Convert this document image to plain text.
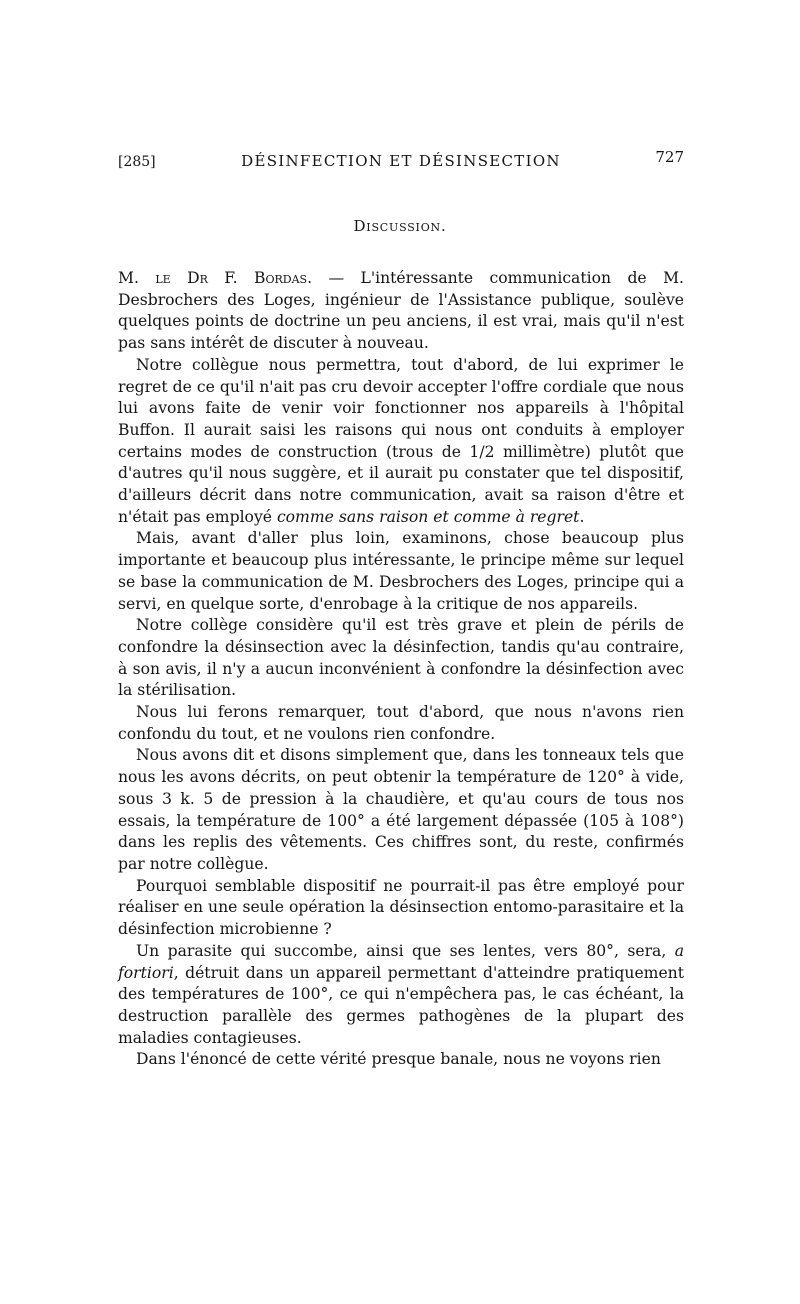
[285]	DÉSINFECTION ET DÉSINSECTION	727
Discussion.

M. le Dr F. Bordas. — L'intéressante communication de M. Desbrochers des Loges, ingénieur de l'Assistance publique, soulève quelques points de doctrine un peu anciens, il est vrai, mais qu'il n'est pas sans intérêt de discuter à nouveau.

Notre collègue nous permettra, tout d'abord, de lui exprimer le regret de ce qu'il n'ait pas cru devoir accepter l'offre cordiale que nous lui avons faite de venir voir fonctionner nos appareils à l'hôpital Buffon. Il aurait saisi les raisons qui nous ont conduits à employer certains modes de construction (trous de 1/2 millimètre) plutôt que d'autres qu'il nous suggère, et il aurait pu constater que tel dispositif, d'ailleurs décrit dans notre communication, avait sa raison d'être et n'était pas employé comme sans raison et comme à regret.

Mais, avant d'aller plus loin, examinons, chose beaucoup plus importante et beaucoup plus intéressante, le principe même sur lequel se base la communication de M. Desbrochers des Loges, principe qui a servi, en quelque sorte, d'enrobage à la critique de nos appareils.

Notre collège considère qu'il est très grave et plein de périls de confondre la désinsection avec la désinfection, tandis qu'au contraire, à son avis, il n'y a aucun inconvénient à confondre la désinfection avec la stérilisation.

Nous lui ferons remarquer, tout d'abord, que nous n'avons rien confondu du tout, et ne voulons rien confondre.

Nous avons dit et disons simplement que, dans les tonneaux tels que nous les avons décrits, on peut obtenir la température de 120° à vide, sous 3 k. 5 de pression à la chaudière, et qu'au cours de tous nos essais, la température de 100° a été largement dépassée (105 à 108°) dans les replis des vêtements. Ces chiffres sont, du reste, confirmés par notre collègue.

Pourquoi semblable dispositif ne pourrait-il pas être employé pour réaliser en une seule opération la désinsection entomo-parasitaire et la désinfection microbienne ?

Un parasite qui succombe, ainsi que ses lentes, vers 80°, sera, a fortiori, détruit dans un appareil permettant d'atteindre pratiquement des températures de 100°, ce qui n'empêchera pas, le cas échéant, la destruction parallèle des germes pathogènes de la plupart des maladies contagieuses.

Dans l'énoncé de cette vérité presque banale, nous ne voyons rien
